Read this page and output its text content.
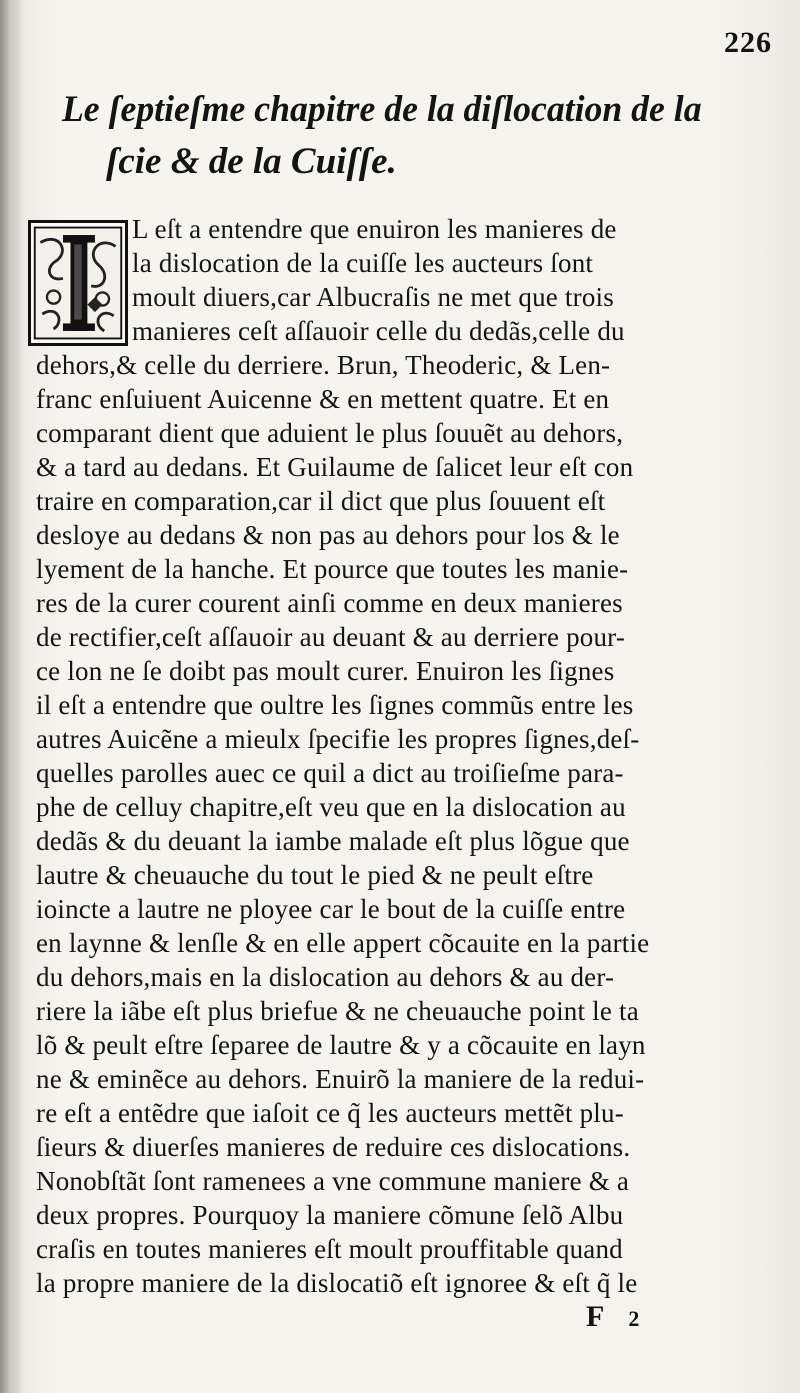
226
Le ſeptieſme chapitre de la diſlocation de la ſcie & de la Cuiſſe.
L eſt a entendre que enuiron les manieres de
la dislocation de la cuiſſe les aucteurs ſont
moult diuers,car Albucraſis ne met que trois
manieres ceſt aſſauoir celle du dedãs,celle du
dehors,& celle du derriere. Brun, Theoderic, & Len-
franc enſuiuent Auicenne & en mettent quatre. Et en
comparant dient que aduient le plus ſouuẽt au dehors,
& a tard au dedans. Et Guilaume de ſalicet leur eſt con
traire en comparation,car il dict que plus ſouuent eſt
desloye au dedans & non pas au dehors pour los & le
lyement de la hanche. Et pource que toutes les manie-
res de la curer courent ainſi comme en deux manieres
de rectifier,ceſt aſſauoir au deuant & au derriere pour-
ce lon ne ſe doibt pas moult curer. Enuiron les ſignes
il eſt a entendre que oultre les ſignes commũs entre les
autres Auicẽne a mieulx ſpecifie les propres ſignes,deſ-
quelles parolles auec ce quil a dict au troiſieſme para-
phe de celluy chapitre,eſt veu que en la dislocation au
dedãs & du deuant la iambe malade eſt plus lõgue que
lautre & cheuauche du tout le pied & ne peult eſtre
ioincte a lautre ne ployee car le bout de la cuiſſe entre
en laynne & lenſle & en elle appert cõcauite en la partie
du dehors,mais en la dislocation au dehors & au der-
riere la iãbe eſt plus briefue & ne cheuauche point le ta
lõ & peult eſtre ſeparee de lautre & y a cõcauite en layn
ne & eminẽce au dehors. Enuirõ la maniere de la redui-
re eſt a entẽdre que iaſoit ce q̃ les aucteurs mettẽt plu-
ſieurs & diuerſes manieres de reduire ces dislocations.
Nonobſtãt ſont ramenees a vne commune maniere & a
deux propres. Pourquoy la maniere cõmune ſelõ Albu
craſis en toutes manieres eſt moult prouffitable quand
la propre maniere de la dislocatiõ eſt ignoree & eſt q̃ le
F 2
